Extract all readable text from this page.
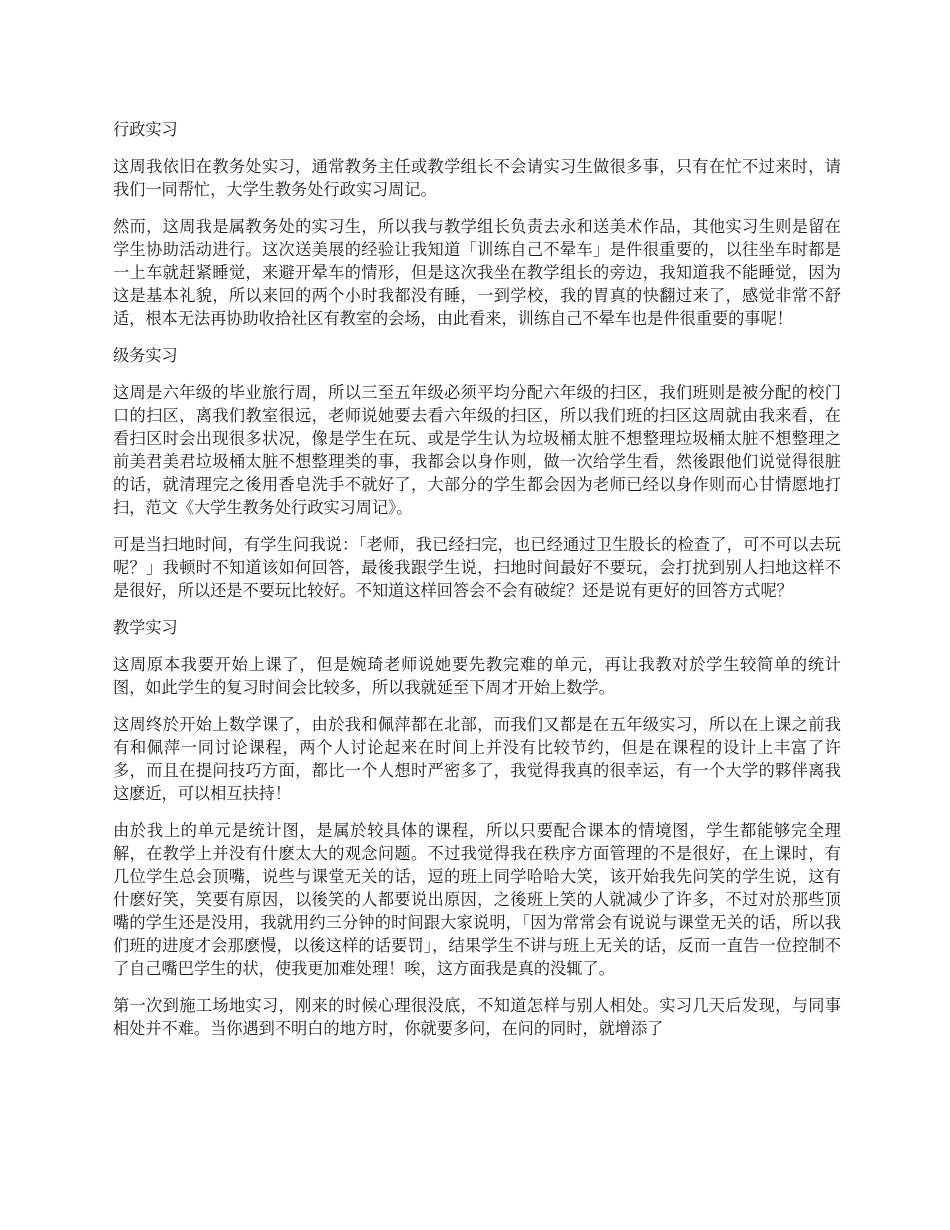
行政实习

这周我依旧在教务处实习，通常教务主任或教学组长不会请实习生做很多事，只有在忙不过来时，请我们一同帮忙，大学生教务处行政实习周记。

然而，这周我是属教务处的实习生，所以我与教学组长负责去永和送美术作品，其他实习生则是留在学生协助活动进行。这次送美展的经验让我知道「训练自己不晕车」是件很重要的，以往坐车时都是一上车就赶紧睡觉，来避开晕车的情形，但是这次我坐在教学组长的旁边，我知道我不能睡觉，因为这是基本礼貌，所以来回的两个小时我都没有睡，一到学校，我的胃真的快翻过来了，感觉非常不舒适，根本无法再协助收拾社区有教室的会场，由此看来，训练自己不晕车也是件很重要的事呢！

级务实习

这周是六年级的毕业旅行周，所以三至五年级必须平均分配六年级的扫区，我们班则是被分配的校门口的扫区，离我们教室很远，老师说她要去看六年级的扫区，所以我们班的扫区这周就由我来看，在看扫区时会出现很多状况，像是学生在玩、或是学生认为垃圾桶太脏不想整理垃圾桶太脏不想整理之前美君美君垃圾桶太脏不想整理类的事，我都会以身作则，做一次给学生看，然後跟他们说觉得很脏的话，就清理完之後用香皂洗手不就好了，大部分的学生都会因为老师已经以身作则而心甘情愿地打扫，范文《大学生教务处行政实习周记》。

可是当扫地时间，有学生问我说：「老师，我已经扫完，也已经通过卫生股长的检查了，可不可以去玩呢？」我顿时不知道该如何回答，最後我跟学生说，扫地时间最好不要玩，会打扰到别人扫地这样不是很好，所以还是不要玩比较好。不知道这样回答会不会有破绽？还是说有更好的回答方式呢？

教学实习

这周原本我要开始上课了，但是婉琦老师说她要先教完难的单元，再让我教对於学生较简单的统计图，如此学生的复习时间会比较多，所以我就延至下周才开始上数学。

这周终於开始上数学课了，由於我和佩萍都在北部，而我们又都是在五年级实习，所以在上课之前我有和佩萍一同讨论课程，两个人讨论起来在时间上并没有比较节约，但是在课程的设计上丰富了许多，而且在提问技巧方面，都比一个人想时严密多了，我觉得我真的很幸运，有一个大学的夥伴离我这麽近，可以相互扶持！

由於我上的单元是统计图，是属於较具体的课程，所以只要配合课本的情境图，学生都能够完全理解，在教学上并没有什麽太大的观念问题。不过我觉得我在秩序方面管理的不是很好，在上课时，有几位学生总会顶嘴，说些与课堂无关的话，逗的班上同学哈哈大笑，该开始我先问笑的学生说，这有什麽好笑，笑要有原因，以後笑的人都要说出原因，之後班上笑的人就减少了许多，不过对於那些顶嘴的学生还是没用，我就用约三分钟的时间跟大家说明，「因为常常会有说说与课堂无关的话，所以我们班的进度才会那麽慢，以後这样的话要罚」，结果学生不讲与班上无关的话，反而一直告一位控制不了自己嘴巴学生的状，使我更加难处理！唉，这方面我是真的没辄了。

第一次到施工场地实习，刚来的时候心理很没底，不知道怎样与别人相处。实习几天后发现，与同事相处并不难。当你遇到不明白的地方时，你就要多问，在问的同时，就增添了
